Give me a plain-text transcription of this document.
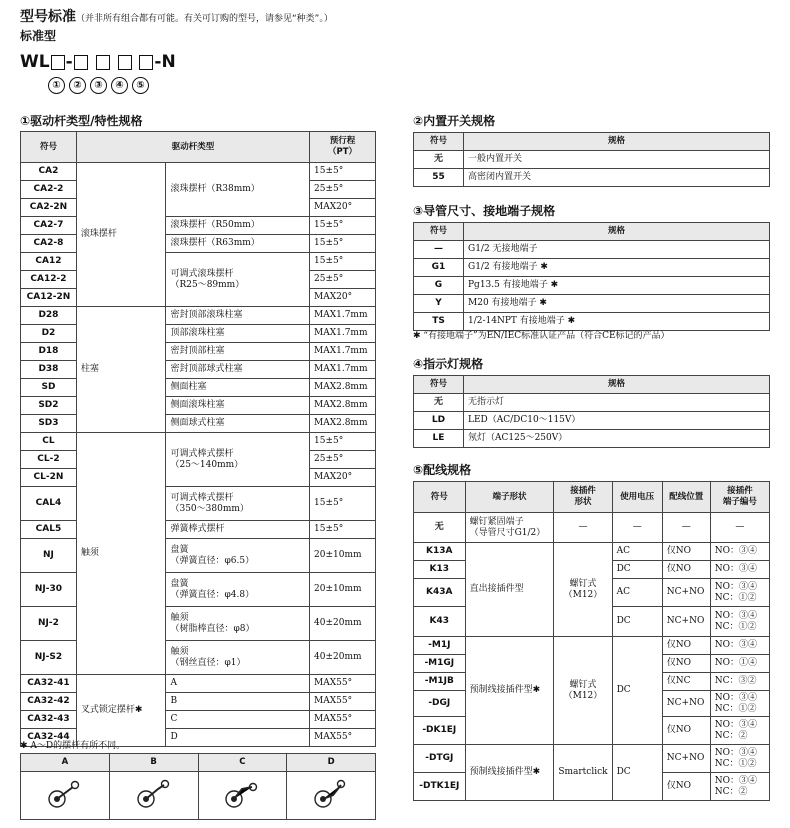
型号标准（并非所有组合都有可能。有关可订购的型号，请参见“种类”。）
标准型
WL -

	-N
①	②	③	④	⑤
①驱动杆类型/特性规格
符号	驱动杆类型		预行程
（PT）
CA2	滚珠摆杆	滚珠摆杆（R38mm）	15±5°
CA2-2			25±5°
CA2-2N			MAX20°
CA2-7		滚珠摆杆（R50mm）	15±5°
CA2-8		滚珠摆杆（R63mm）	15±5°
CA12		可调式滚珠摆杆
（R25～89mm）	15±5°
CA12-2			25±5°
CA12-2N			MAX20°
D28	柱塞	密封顶部滚珠柱塞	MAX1.7mm
D2		顶部滚珠柱塞	MAX1.7mm
D18		密封顶部柱塞	MAX1.7mm
D38		密封顶部球式柱塞	MAX1.7mm
SD		侧面柱塞	MAX2.8mm
SD2		侧面滚珠柱塞	MAX2.8mm
SD3		侧面球式柱塞	MAX2.8mm
CL	触须	可调式棒式摆杆
（25～140mm）	15±5°
CL-2			25±5°
CL-2N			MAX20°
CAL4		可调式棒式摆杆
（350～380mm）	15±5°
CAL5		弹簧棒式摆杆	15±5°
NJ		盘簧
（弹簧直径：φ6.5）	20±10mm
NJ-30		盘簧
（弹簧直径：φ4.8）	20±10mm
NJ-2		触须
（树脂棒直径：φ8）	40±20mm
NJ-S2		触须
（钢丝直径：φ1）	40±20mm
CA32-41	叉式锁定摆杆✱	A	MAX55°
CA32-42		B	MAX55°
CA32-43		C	MAX55°
CA32-44		D	MAX55°
✱ A～D的摆杆有所不同。
A	B	C	D

②内置开关规格
符号	规格
无	一般内置开关
55	高密闭内置开关
③导管尺寸、接地端子规格
符号	规格
—	G1/2 无接地端子
G1	G1/2 有接地端子 ✱
G	Pg13.5 有接地端子 ✱
Y	M20 有接地端子 ✱
TS	1/2-14NPT 有接地端子 ✱
✱ “有接地端子”为EN/IEC标准认证产品（符合CE标记的产品）
④指示灯规格
符号	规格
无	无指示灯
LD	LED（AC/DC10～115V）
LE	氖灯（AC125～250V）
⑤配线规格
符号	端子形状	接插件
形状	使用电压	配线位置	接插件
端子编号
无	螺钉紧固端子
（导管尺寸G1/2）	—	—	—	—
K13A	直出接插件型	螺钉式
（M12）	AC	仅NO	NO：③④
K13			DC	仅NO	NO：③④
K43A			AC	NC+NO	NO：③④
NC：①②

K43			DC	NC+NO	NO：③④
NC：①②

-M1J	预制线接插件型✱	螺钉式
（M12）	DC	仅NO	NO：③④
-M1GJ				仅NO	NO：①④
-M1JB				仅NC	NC：③②
-DGJ				NC+NO	NO：③④
NC：①②

-DK1EJ				仅NO	NO：③④
NC：②

-DTGJ	预制线接插件型✱	Smartclick	DC	NC+NO	NO：③④
NC：①②

-DTK1EJ				仅NO	NO：③④
NC：②
